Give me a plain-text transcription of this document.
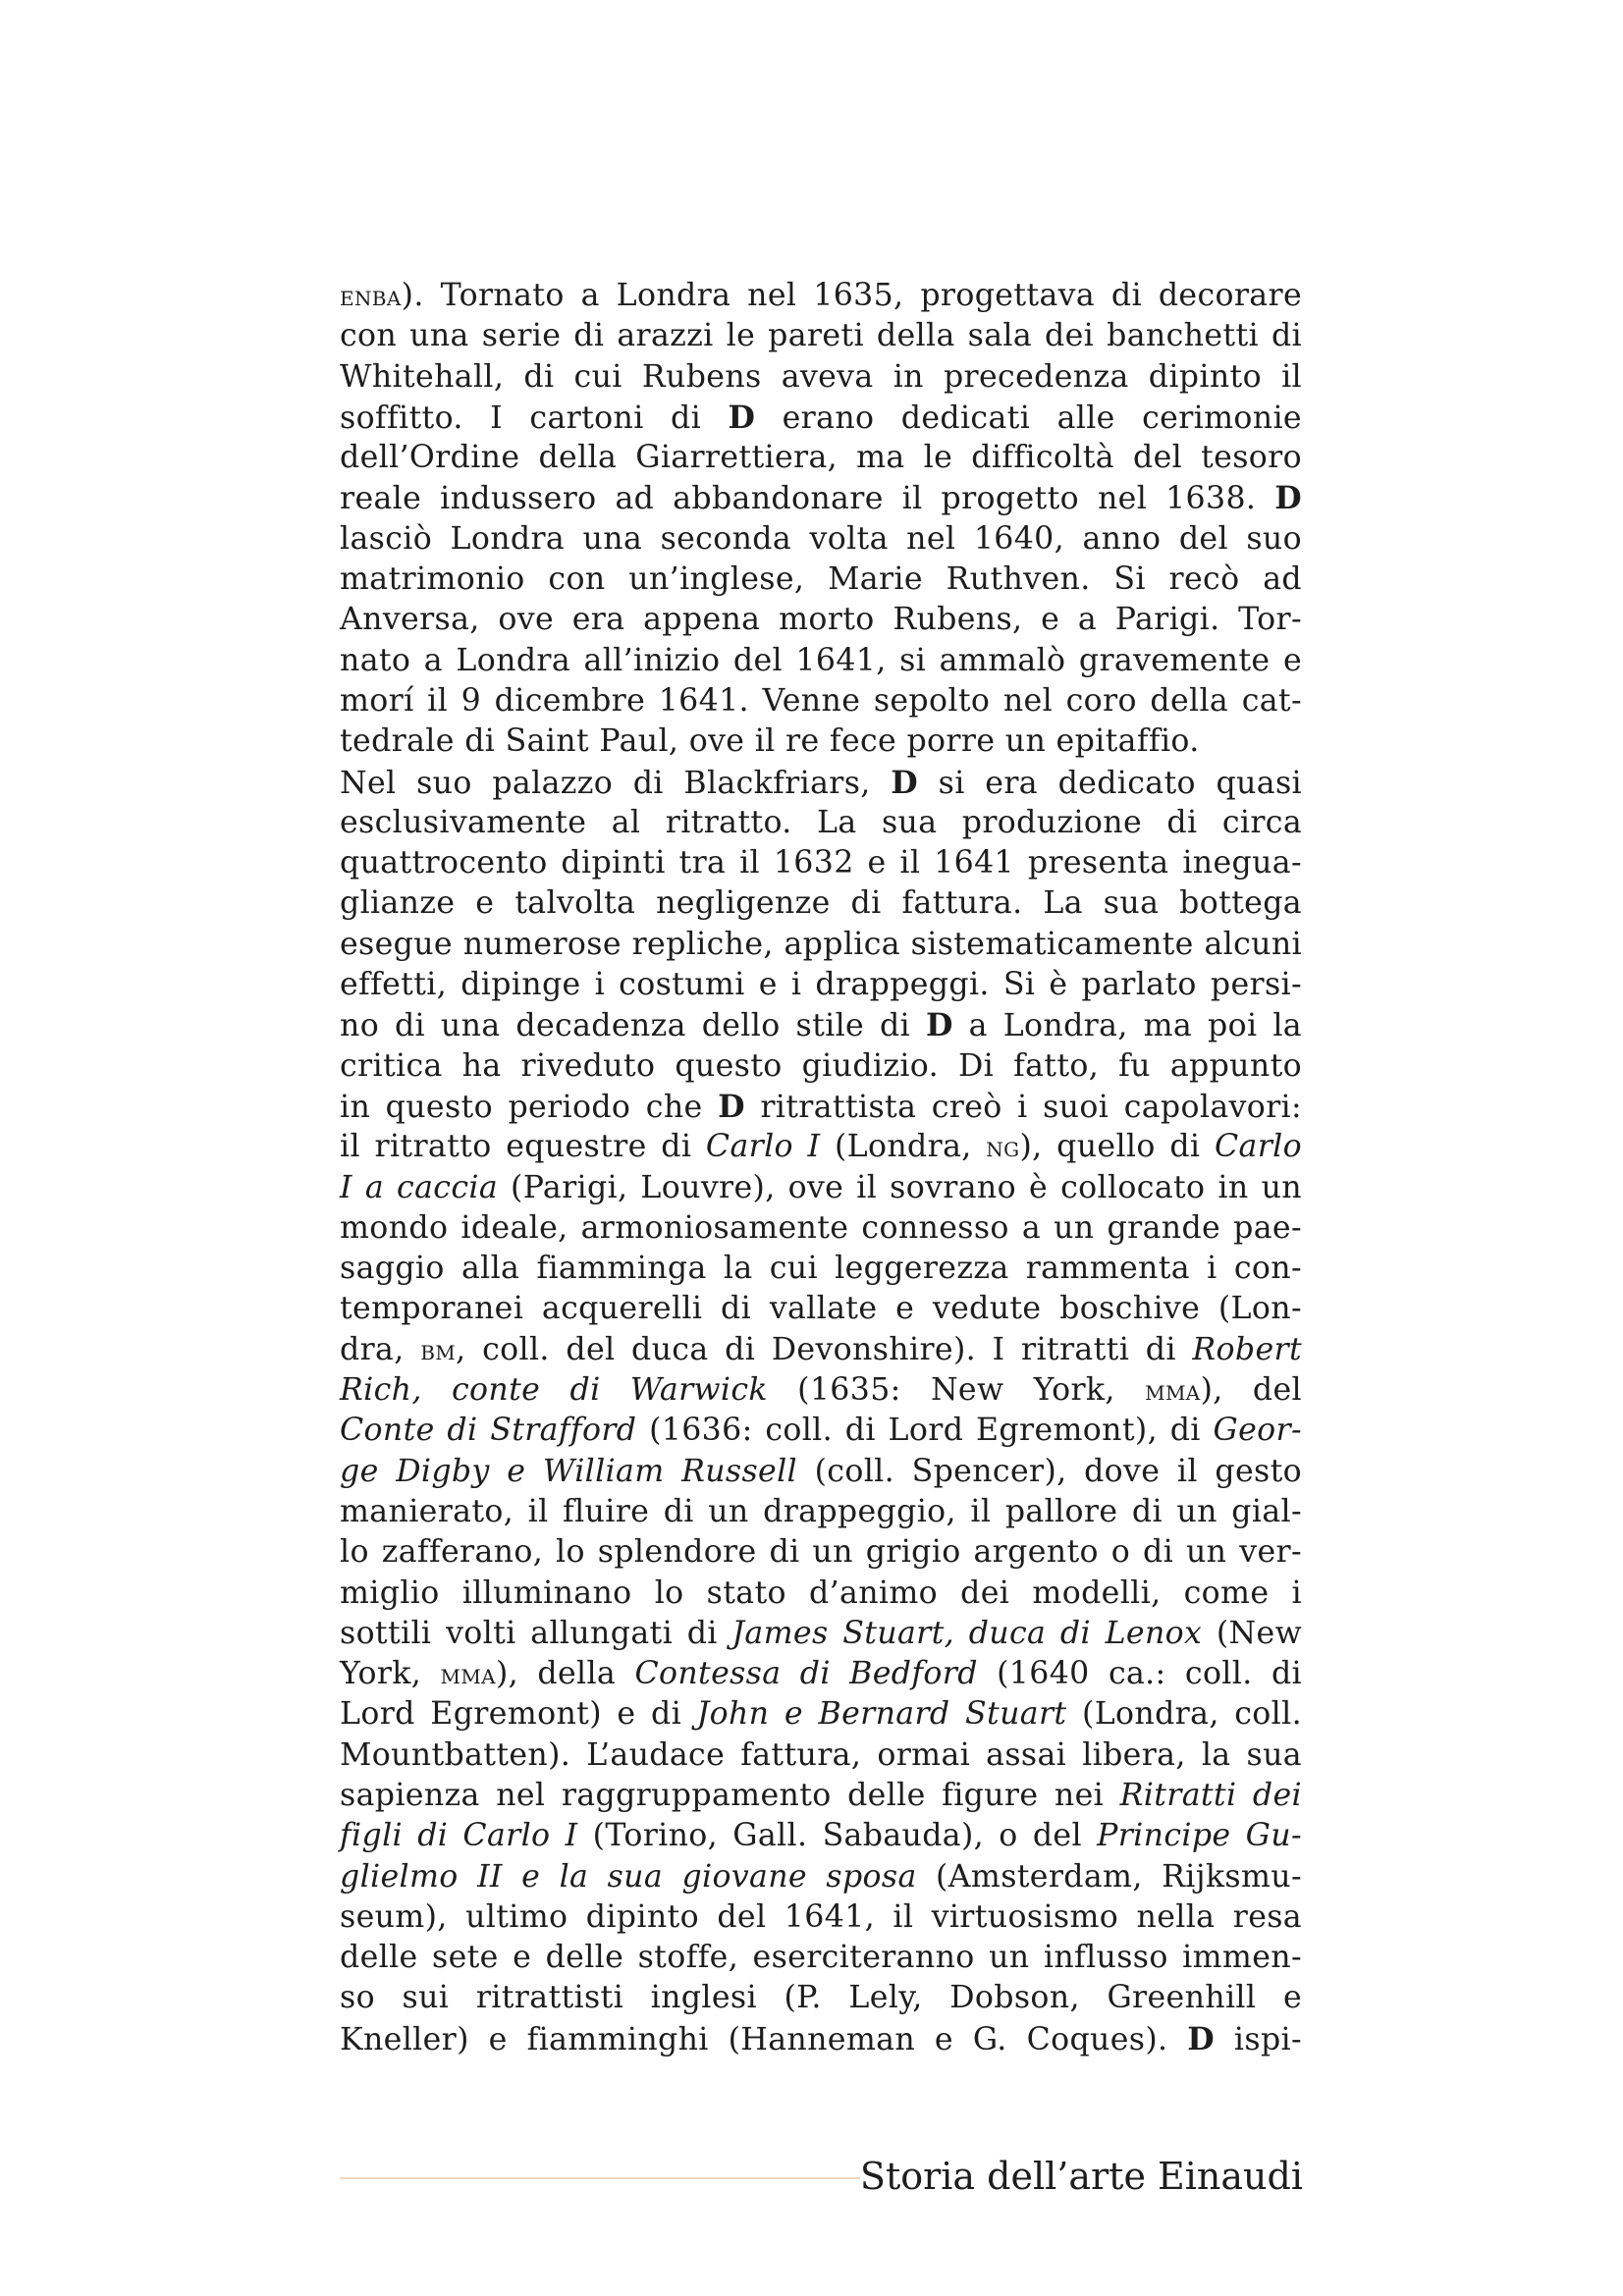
enba). Tornato a Londra nel 1635, progettava di decorare
con una serie di arazzi le pareti della sala dei banchetti di
Whitehall, di cui Rubens aveva in precedenza dipinto il
soffitto. I cartoni di D erano dedicati alle cerimonie
dell’Ordine della Giarrettiera, ma le difficoltà del tesoro
reale indussero ad abbandonare il progetto nel 1638. D
lasciò Londra una seconda volta nel 1640, anno del suo
matrimonio con un’inglese, Marie Ruthven. Si recò ad
Anversa, ove era appena morto Rubens, e a Parigi. Tor-
nato a Londra all’inizio del 1641, si ammalò gravemente e
morí il 9 dicembre 1641. Venne sepolto nel coro della cat-
tedrale di Saint Paul, ove il re fece porre un epitaffio.
Nel suo palazzo di Blackfriars, D si era dedicato quasi
esclusivamente al ritratto. La sua produzione di circa
quattrocento dipinti tra il 1632 e il 1641 presenta inegua-
glianze e talvolta negligenze di fattura. La sua bottega
esegue numerose repliche, applica sistematicamente alcuni
effetti, dipinge i costumi e i drappeggi. Si è parlato persi-
no di una decadenza dello stile di D a Londra, ma poi la
critica ha riveduto questo giudizio. Di fatto, fu appunto
in questo periodo che D ritrattista creò i suoi capolavori:
il ritratto equestre di Carlo I (Londra, ng), quello di Carlo
I a caccia (Parigi, Louvre), ove il sovrano è collocato in un
mondo ideale, armoniosamente connesso a un grande pae-
saggio alla fiamminga la cui leggerezza rammenta i con-
temporanei acquerelli di vallate e vedute boschive (Lon-
dra, bm, coll. del duca di Devonshire). I ritratti di Robert
Rich, conte di Warwick (1635: New York, mma), del
Conte di Strafford (1636: coll. di Lord Egremont), di Geor-
ge Digby e William Russell (coll. Spencer), dove il gesto
manierato, il fluire di un drappeggio, il pallore di un gial-
lo zafferano, lo splendore di un grigio argento o di un ver-
miglio illuminano lo stato d’animo dei modelli, come i
sottili volti allungati di James Stuart, duca di Lenox (New
York, mma), della Contessa di Bedford (1640 ca.: coll. di
Lord Egremont) e di John e Bernard Stuart (Londra, coll.
Mountbatten). L’audace fattura, ormai assai libera, la sua
sapienza nel raggruppamento delle figure nei Ritratti dei
figli di Carlo I (Torino, Gall. Sabauda), o del Principe Gu-
glielmo II e la sua giovane sposa (Amsterdam, Rijksmu-
seum), ultimo dipinto del 1641, il virtuosismo nella resa
delle sete e delle stoffe, eserciteranno un influsso immen-
so sui ritrattisti inglesi (P. Lely, Dobson, Greenhill e
Kneller) e fiamminghi (Hanneman e G. Coques). D ispi-
Storia dell’arte Einaudi
